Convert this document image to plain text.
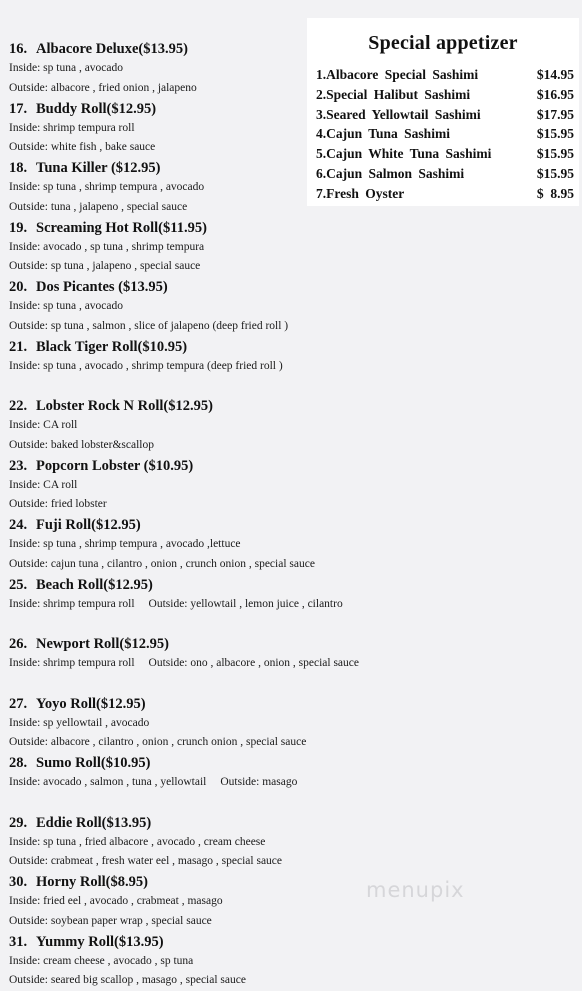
16. Albacore Deluxe($13.95)
Inside: sp tuna , avocado
Outside: albacore , fried onion , jalapeno
17. Buddy Roll($12.95)
Inside: shrimp tempura roll
Outside: white fish , bake sauce
18. Tuna Killer ($12.95)
Inside: sp tuna , shrimp tempura , avocado
Outside: tuna , jalapeno , special sauce
19. Screaming Hot Roll($11.95)
Inside: avocado , sp tuna , shrimp tempura
Outside: sp tuna , jalapeno , special sauce
20. Dos Picantes ($13.95)
Inside: sp tuna , avocado
Outside: sp tuna , salmon , slice of jalapeno (deep fried roll )
21. Black Tiger Roll($10.95)
Inside: sp tuna , avocado , shrimp tempura (deep fried roll )
22. Lobster Rock N Roll($12.95)
Inside: CA roll
Outside: baked lobster&scallop
23. Popcorn Lobster ($10.95)
Inside: CA roll
Outside: fried lobster
24. Fuji Roll($12.95)
Inside: sp tuna , shrimp tempura , avocado ,lettuce
Outside: cajun tuna , cilantro , onion , crunch onion , special sauce
25. Beach Roll($12.95)
Inside: shrimp tempura roll Outside: yellowtail , lemon juice , cilantro
26. Newport Roll($12.95)
Inside: shrimp tempura roll Outside: ono , albacore , onion , special sauce
27. Yoyo Roll($12.95)
Inside: sp yellowtail , avocado
Outside: albacore , cilantro , onion , crunch onion , special sauce
28. Sumo Roll($10.95)
Inside: avocado , salmon , tuna , yellowtail Outside: masago
29. Eddie Roll($13.95)
Inside: sp tuna , fried albacore , avocado , cream cheese
Outside: crabmeat , fresh water eel , masago , special sauce
30. Horny Roll($8.95)
Inside: fried eel , avocado , crabmeat , masago
Outside: soybean paper wrap , special sauce
31. Yummy Roll($13.95)
Inside: cream cheese , avocado , sp tuna
Outside: seared big scallop , masago , special sauce
Special appetizer
1.Albacore Special Sashimi	$14.95
2.Special Halibut Sashimi	$16.95
3.Seared Yellowtail Sashimi	$17.95
4.Cajun Tuna Sashimi	$15.95
5.Cajun White Tuna Sashimi	$15.95
6.Cajun Salmon Sashimi	$15.95
7.Fresh Oyster	$  8.95
menupix
